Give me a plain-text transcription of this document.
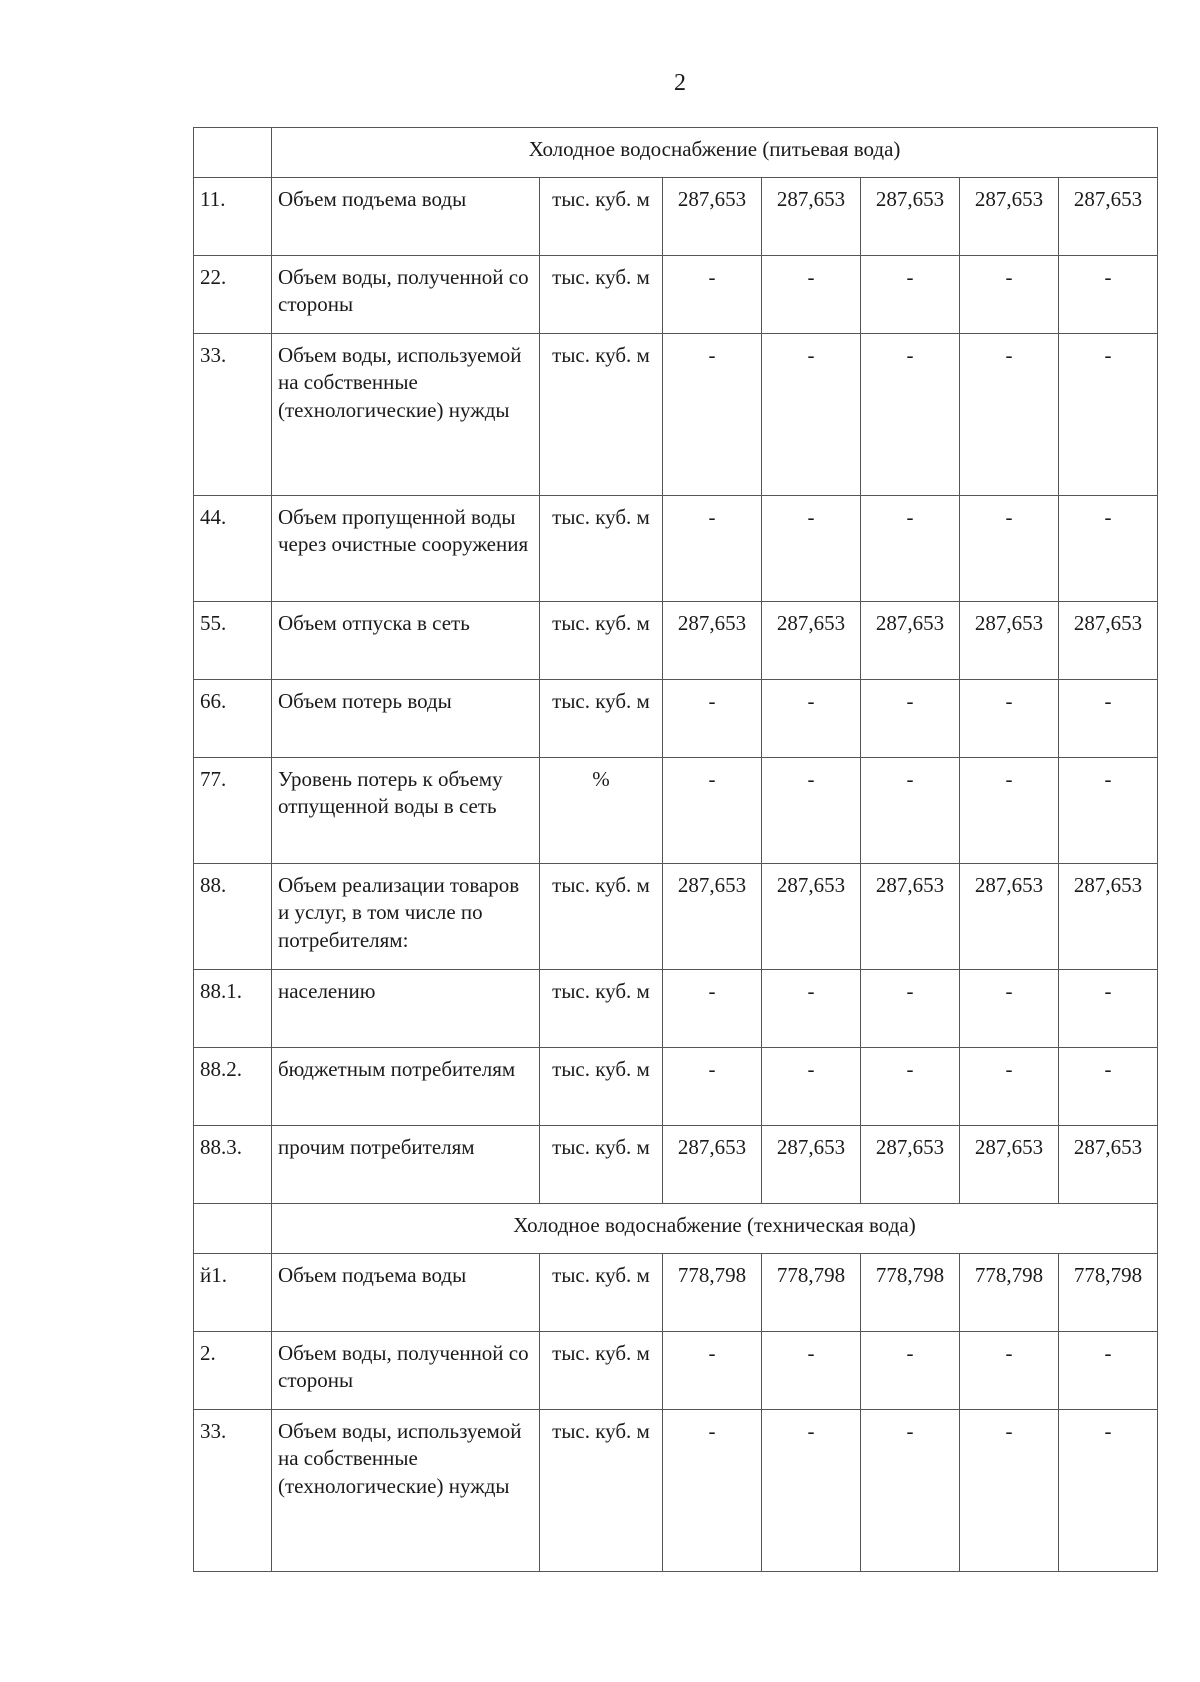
2
	Холодное водоснабжение (питьевая вода)						
11.	Объем подъема воды	тыс. куб. м	287,653	287,653	287,653	287,653	287,653
22.	Объем воды, полученной со стороны	тыс. куб. м	-	-	-	-	-
33.	Объем воды, используемой на собственные (технологические) нужды	тыс. куб. м	-	-	-	-	-
44.	Объем пропущенной воды через очистные сооружения	тыс. куб. м	-	-	-	-	-
55.	Объем отпуска в сеть	тыс. куб. м	287,653	287,653	287,653	287,653	287,653
66.	Объем потерь воды	тыс. куб. м	-	-	-	-	-
77.	Уровень потерь к объему отпущенной воды в сеть	%	-	-	-	-	-
88.	Объем реализации товаров и услуг, в том числе по потребителям:	тыс. куб. м	287,653	287,653	287,653	287,653	287,653
88.1.	населению	тыс. куб. м	-	-	-	-	-
88.2.	бюджетным потребителям	тыс. куб. м	-	-	-	-	-
88.3.	прочим потребителям	тыс. куб. м	287,653	287,653	287,653	287,653	287,653
	Холодное водоснабжение (техническая вода)						
й1.	Объем подъема воды	тыс. куб. м	778,798	778,798	778,798	778,798	778,798
2.	Объем воды, полученной со стороны	тыс. куб. м	-	-	-	-	-
33.	Объем воды, используемой на собственные (технологические) нужды	тыс. куб. м	-	-	-	-	-
